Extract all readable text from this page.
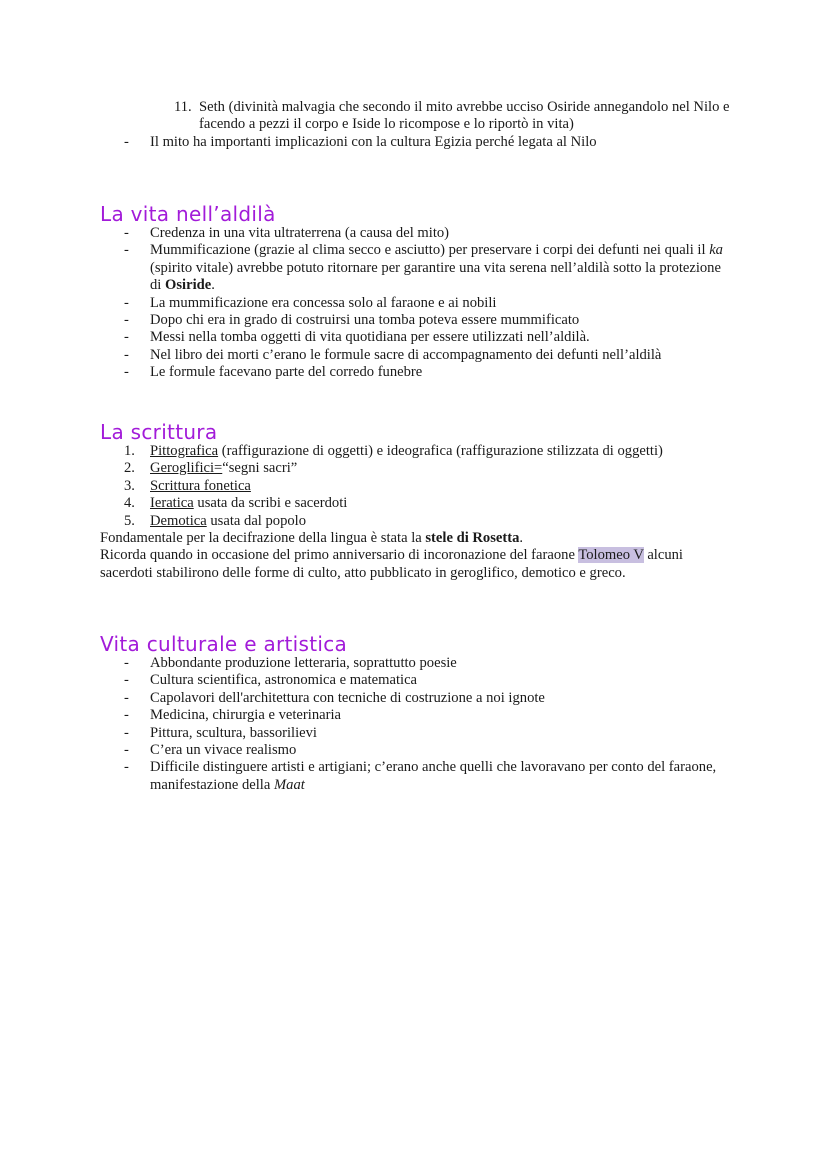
11. Seth (divinità malvagia che secondo il mito avrebbe ucciso Osiride annegandolo nel Nilo e facendo a pezzi il corpo e Iside lo ricompose e lo riportò in vita)
- Il mito ha importanti implicazioni con la cultura Egizia perché legata al Nilo
La vita nell’aldilà
- Credenza in una vita ultraterrena (a causa del mito)
- Mummificazione (grazie al clima secco e asciutto) per preservare i corpi dei defunti nei quali il ka (spirito vitale) avrebbe potuto ritornare per garantire una vita serena nell’aldilà sotto la protezione di Osiride.
- La mummificazione era concessa solo al faraone e ai nobili
- Dopo chi era in grado di costruirsi una tomba poteva essere mummificato
- Messi nella tomba oggetti di vita quotidiana per essere utilizzati nell’aldilà.
- Nel libro dei morti c’erano le formule sacre di accompagnamento dei defunti nell’aldilà
- Le formule facevano parte del corredo funebre
La scrittura
1. Pittografica (raffigurazione di oggetti) e ideografica (raffigurazione stilizzata di oggetti)
2. Geroglifici=“segni sacri”
3. Scrittura fonetica
4. Ieratica usata da scribi e sacerdoti
5. Demotica usata dal popolo

Fondamentale per la decifrazione della lingua è stata la stele di Rosetta.

Ricorda quando in occasione del primo anniversario di incoronazione del faraone Tolomeo V alcuni sacerdoti stabilirono delle forme di culto, atto pubblicato in geroglifico, demotico e greco.

Vita culturale e artistica
- Abbondante produzione letteraria, soprattutto poesie
- Cultura scientifica, astronomica e matematica
- Capolavori dell'architettura con tecniche di costruzione a noi ignote
- Medicina, chirurgia e veterinaria
- Pittura, scultura, bassorilievi
- C’era un vivace realismo
- Difficile distinguere artisti e artigiani; c’erano anche quelli che lavoravano per conto del faraone, manifestazione della Maat
